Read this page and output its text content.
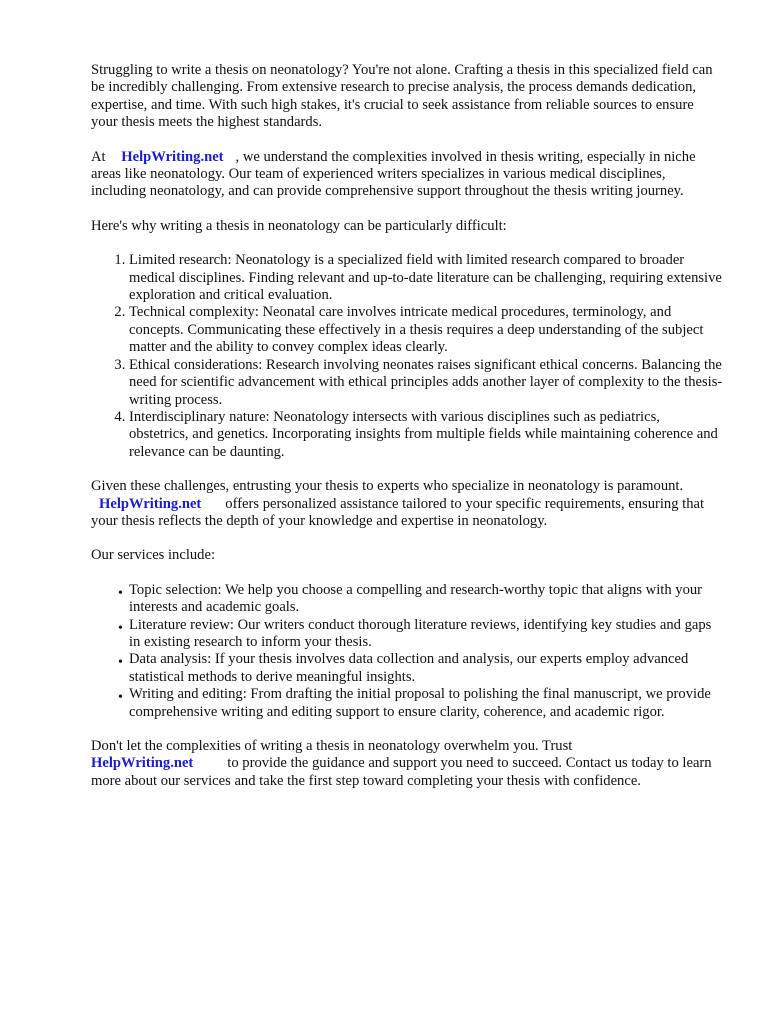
Struggling to write a thesis on neonatology? You're not alone. Crafting a thesis in this specialized field can be incredibly challenging. From extensive research to precise analysis, the process demands dedication, expertise, and time. With such high stakes, it's crucial to seek assistance from reliable sources to ensure your thesis meets the highest standards.

At HelpWriting.net , we understand the complexities involved in thesis writing, especially in niche areas like neonatology. Our team of experienced writers specializes in various medical disciplines, including neonatology, and can provide comprehensive support throughout the thesis writing journey.

Here's why writing a thesis in neonatology can be particularly difficult:

1. Limited research: Neonatology is a specialized field with limited research compared to broader medical disciplines. Finding relevant and up-to-date literature can be challenging, requiring extensive exploration and critical evaluation.
2. Technical complexity: Neonatal care involves intricate medical procedures, terminology, and concepts. Communicating these effectively in a thesis requires a deep understanding of the subject matter and the ability to convey complex ideas clearly.
3. Ethical considerations: Research involving neonates raises significant ethical concerns. Balancing the need for scientific advancement with ethical principles adds another layer of complexity to the thesis-writing process.
4. Interdisciplinary nature: Neonatology intersects with various disciplines such as pediatrics, obstetrics, and genetics. Incorporating insights from multiple fields while maintaining coherence and relevance can be daunting.

Given these challenges, entrusting your thesis to experts who specialize in neonatology is paramount.
HelpWriting.net offers personalized assistance tailored to your specific requirements, ensuring that your thesis reflects the depth of your knowledge and expertise in neonatology.

Our services include:

• Topic selection: We help you choose a compelling and research-worthy topic that aligns with your interests and academic goals.
• Literature review: Our writers conduct thorough literature reviews, identifying key studies and gaps in existing research to inform your thesis.
• Data analysis: If your thesis involves data collection and analysis, our experts employ advanced statistical methods to derive meaningful insights.
• Writing and editing: From drafting the initial proposal to polishing the final manuscript, we provide comprehensive writing and editing support to ensure clarity, coherence, and academic rigor.

Don't let the complexities of writing a thesis in neonatology overwhelm you. Trust
HelpWriting.net to provide the guidance and support you need to succeed. Contact us today to learn more about our services and take the first step toward completing your thesis with confidence.
